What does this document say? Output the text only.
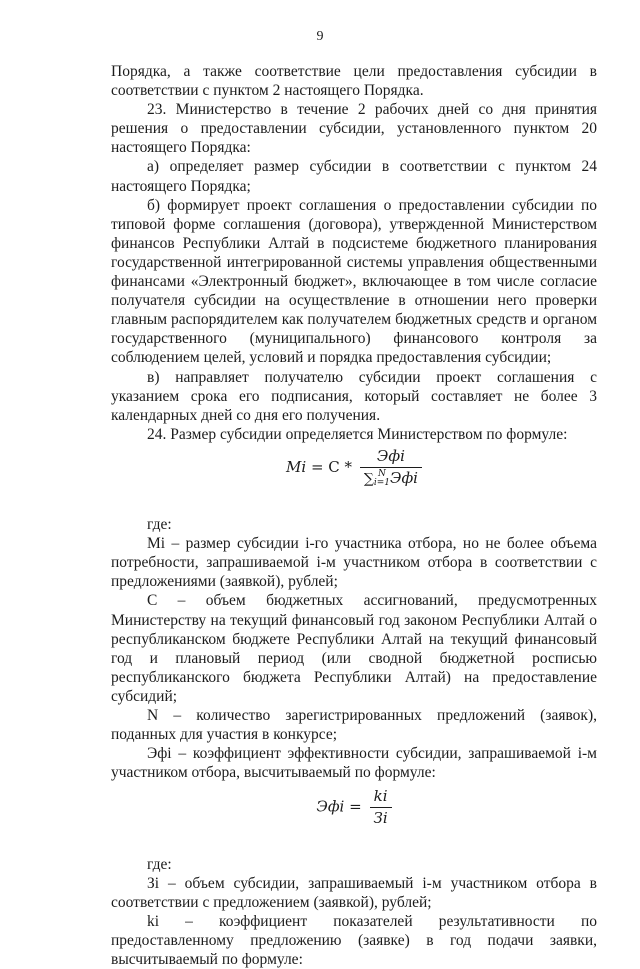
9

Порядка, а также соответствие цели предоставления субсидии в соответствии с пунктом 2 настоящего Порядка.

23. Министерство в течение 2 рабочих дней со дня принятия решения о предоставлении субсидии, установленного пунктом 20 настоящего Порядка:

а) определяет размер субсидии в соответствии с пунктом 24 настоящего Порядка;

б) формирует проект соглашения о предоставлении субсидии по типовой форме соглашения (договора), утвержденной Министерством финансов Республики Алтай в подсистеме бюджетного планирования государственной интегрированной системы управления общественными финансами «Электронный бюджет», включающее в том числе согласие получателя субсидии на осуществление в отношении него проверки главным распорядителем как получателем бюджетных средств и органом государственного (муниципального) финансового контроля за соблюдением целей, условий и порядка предоставления субсидии;

в) направляет получателю субсидии проект соглашения с указанием срока его подписания, который составляет не более 3 календарных дней со дня его получения.

24. Размер субсидии определяется Министерством по формуле:

Mi = C * Эфi
∑ N
i=1 Эфi

где:

Mi – размер субсидии i-го участника отбора, но не более объема потребности, запрашиваемой i-м участником отбора в соответствии с предложениями (заявкой), рублей;

C – объем бюджетных ассигнований, предусмотренных Министерству на текущий финансовый год законом Республики Алтай о республиканском бюджете Республики Алтай на текущий финансовый год и плановый период (или сводной бюджетной росписью республиканского бюджета Республики Алтай) на предоставление субсидий;

N – количество зарегистрированных предложений (заявок), поданных для участия в конкурсе;

Эфi – коэффициент эффективности субсидии, запрашиваемой i-м участником отбора, высчитываемый по формуле:

Эфi = $\frac{ki}{Зi}$

где:

Зi – объем субсидии, запрашиваемый i-м участником отбора в соответствии с предложением (заявкой), рублей;

ki – коэффициент показателей результативности по предоставленному предложению (заявке) в год подачи заявки, высчитываемый по формуле:
